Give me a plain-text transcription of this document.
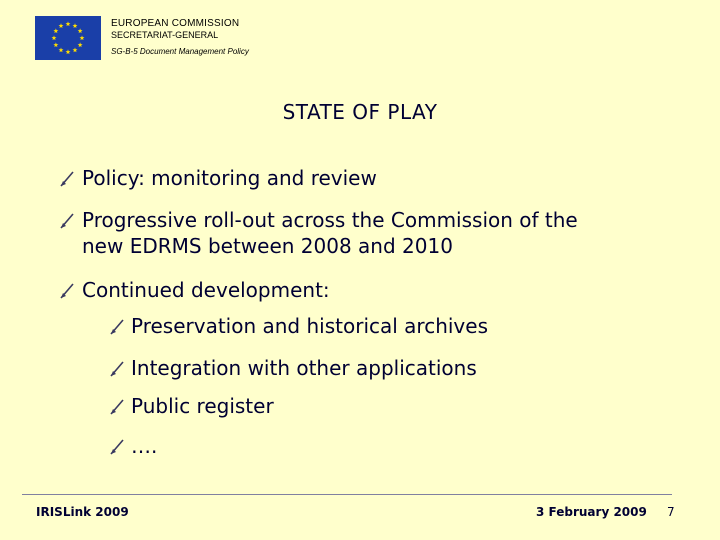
EUROPEAN COMMISSION
SECRETARIAT-GENERAL
SG-B-5 Document Management Policy
STATE OF PLAY
Policy: monitoring and review
Progressive roll-out across the Commission of the
new EDRMS between 2008 and 2010
Continued development:
Preservation and historical archives
Integration with other applications
Public register
….
IRISLink 2009	3 February 2009 7
